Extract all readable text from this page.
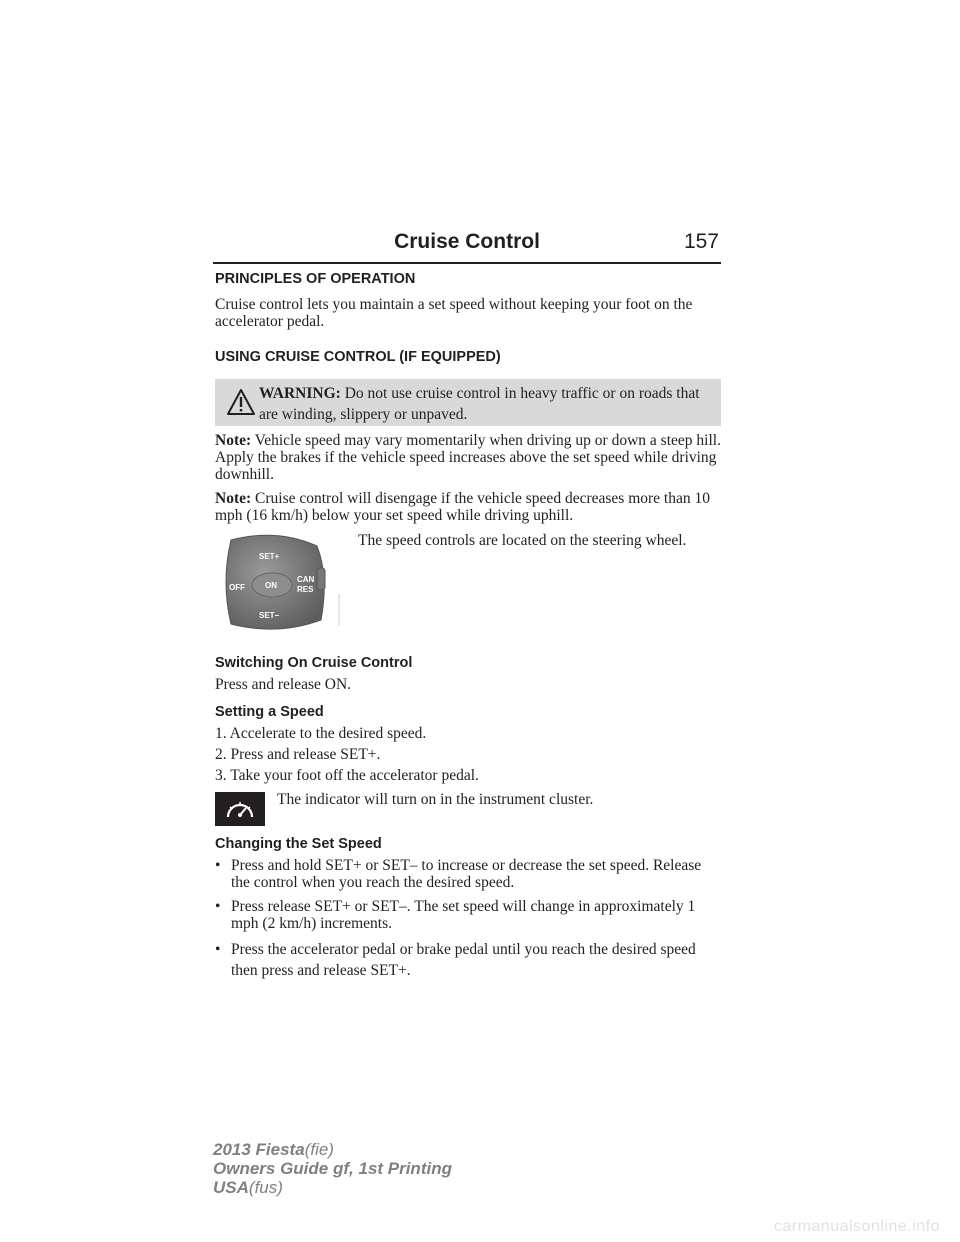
Cruise Control	157
PRINCIPLES OF OPERATION
Cruise control lets you maintain a set speed without keeping your foot on the accelerator pedal.
USING CRUISE CONTROL (IF EQUIPPED)
WARNING: Do not use cruise control in heavy traffic or on roads that are winding, slippery or unpaved.
Note: Vehicle speed may vary momentarily when driving up or down a steep hill. Apply the brakes if the vehicle speed increases above the set speed while driving downhill.
Note: Cruise control will disengage if the vehicle speed decreases more than 10 mph (16 km/h) below your set speed while driving uphill.
SET+
OFF	ON
CAN
RES
SET−
The speed controls are located on the steering wheel.
Switching On Cruise Control
Press and release ON.
Setting a Speed
1. Accelerate to the desired speed.
2. Press and release SET+.
3. Take your foot off the accelerator pedal.
The indicator will turn on in the instrument cluster.
Changing the Set Speed
• Press and hold SET+ or SET– to increase or decrease the set speed. Release the control when you reach the desired speed.
• Press release SET+ or SET–. The set speed will change in approximately 1 mph (2 km/h) increments.
• Press the accelerator pedal or brake pedal until you reach the desired speed then press and release SET+.
2013 Fiesta(fie)
Owners Guide gf, 1st Printing
USA(fus)
carmanualsonline.info
